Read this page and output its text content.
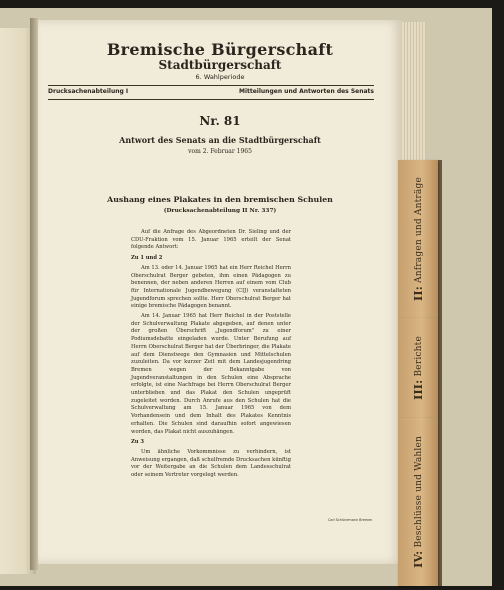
II: Anfragen und Anträge
III: Berichte
IV: Beschlüsse und Wahlen
Bremische Bürgerschaft
Stadtbürgerschaft
6. Wahlperiode
Drucksachenabteilung I	Mitteilungen und Antworten des Senats
Nr. 81
Antwort des Senats an die Stadtbürgerschaft
vom 2. Februar 1965
Aushang eines Plakates in den bremischen Schulen
(Drucksachenabteilung II Nr. 337)

Auf die Anfrage des Abgeordneten Dr. Sieling und der CDU-Fraktion vom 15. Januar 1965 erteilt der Senat folgende Antwort:

Zu 1 und 2

Am 13. oder 14. Januar 1965 hat ein Herr Reichel Herrn Oberschulrat Berger gebeten, ihm einen Pädagogen zu benennen, der neben anderen Herren auf einem vom Club für Internationale Jugendbewegung (CIJ) veranstalteten Jugendforum sprechen sollte. Herr Oberschulrat Berger hat einige bremische Pädagogen benannt.

Am 14. Januar 1965 hat Herr Reichel in der Poststelle der Schulverwaltung Plakate abgegeben, auf denen unter der großen Überschrift „Jugendforum" zu einer Podiumsdebatte eingeladen wurde. Unter Berufung auf Herrn Oberschulrat Berger hat der Überbringer, die Plakate auf dem Dienstwege den Gymnasien und Mittelschulen zuzuleiten. Da vor kurzer Zeit mit dem Landesjugendring Bremen wegen der Bekanntgabe von Jugendveranstaltungen in den Schulen eine Absprache erfolgte, ist eine Nachfrage bei Herrn Oberschulrat Berger unterblieben und das Plakat den Schulen ungeprüft zugeleitet worden. Durch Anrufe aus den Schulen hat die Schulverwaltung am 15. Januar 1965 von dem Vorhandensein und dem Inhalt des Plakates Kenntnis erhalten. Die Schulen sind daraufhin sofort angewiesen worden, das Plakat nicht auszuhängen.

Zu 3

Um ähnliche Vorkommnisse zu verhindern, ist Anweisung ergangen, daß schulfremde Drucksachen künftig vor der Weitergabe an die Schulen dem Landesschulrat oder seinem Vertreter vorgelegt werden.

Carl Schünemann Bremen
